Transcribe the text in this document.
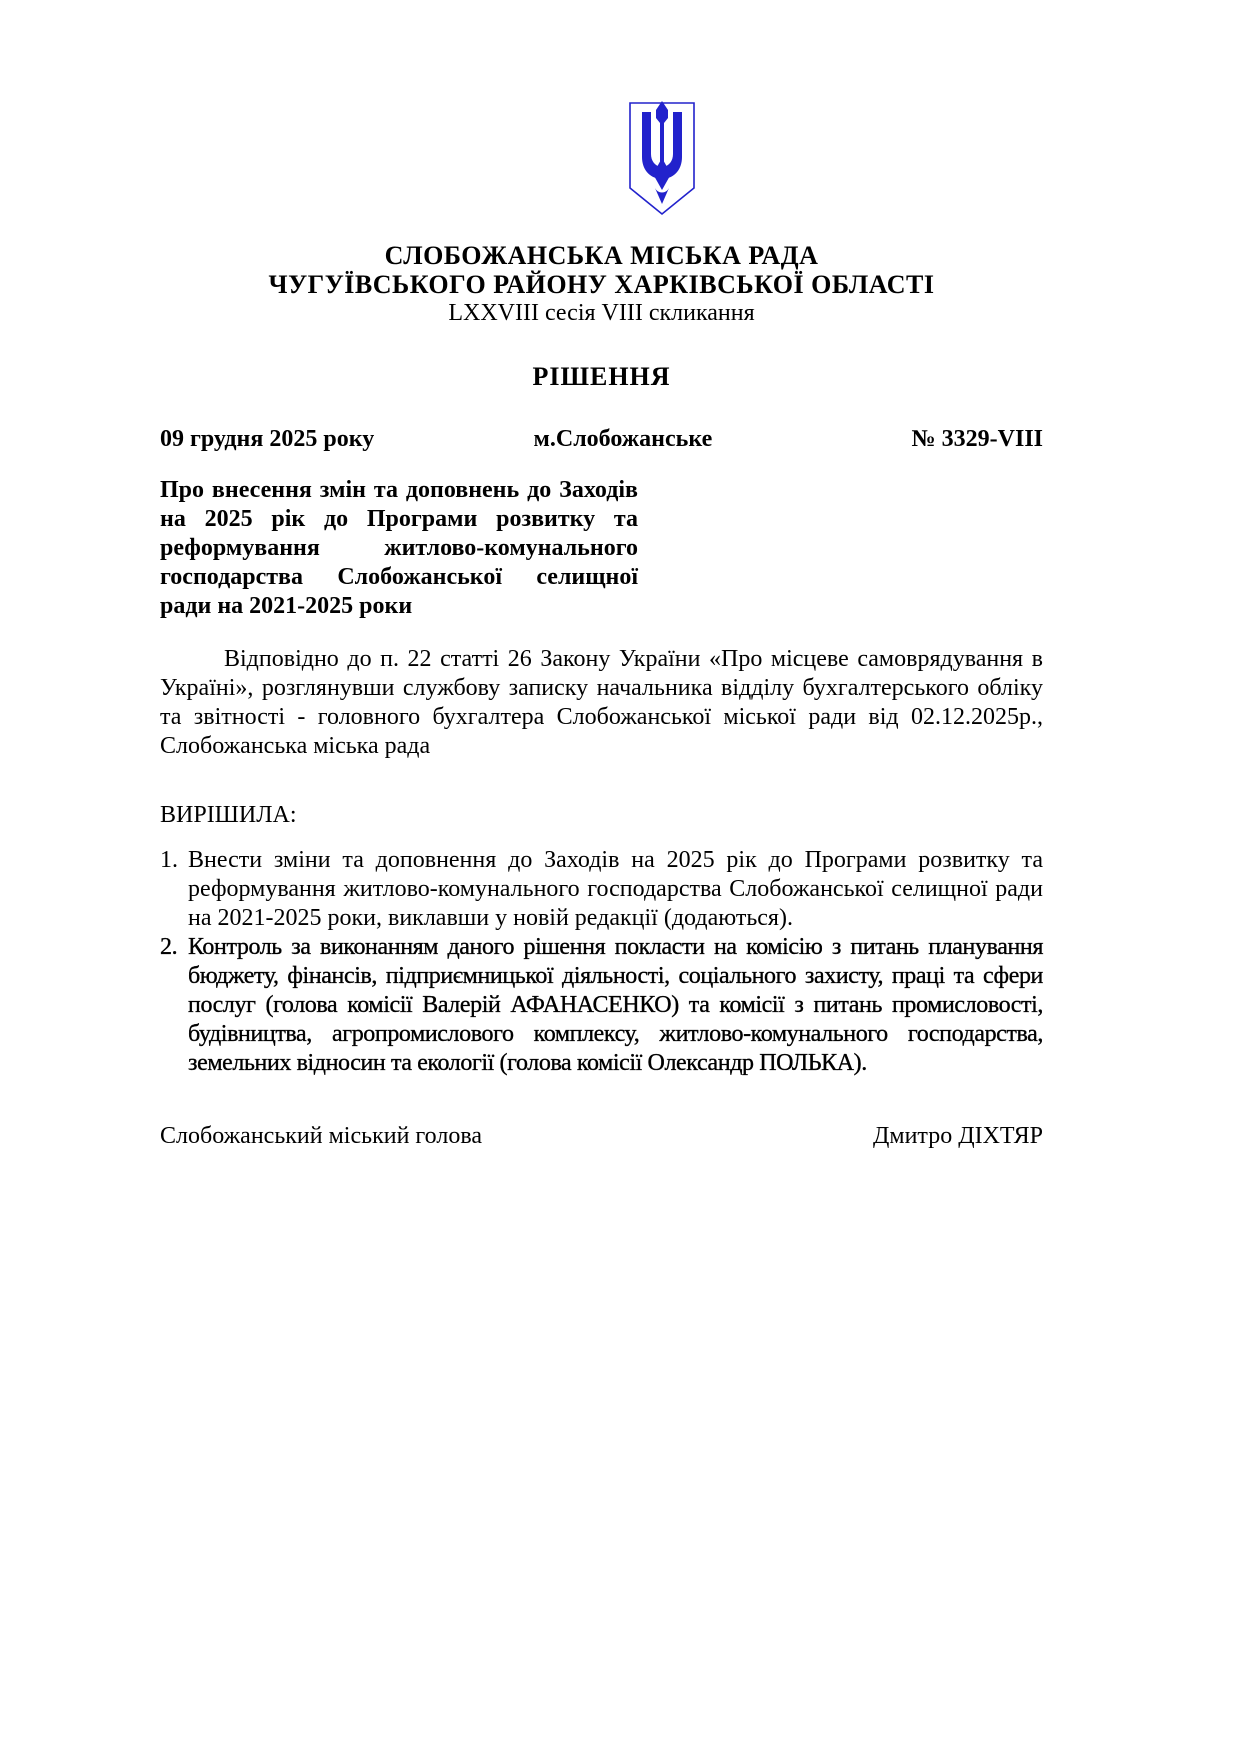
СЛОБОЖАНСЬКА МІСЬКА РАДА
ЧУГУЇВСЬКОГО РАЙОНУ ХАРКІВСЬКОЇ ОБЛАСТІ
LXXVIII сесія VIII скликання
РІШЕННЯ
09 грудня 2025 року	м.Слобожанське	№ 3329-VIII
Про внесення змін та доповнень до Заходів на 2025 рік до Програми розвитку та реформування житлово-комунального господарства Слобожанської селищної ради на 2021-2025 роки
Відповідно до п. 22 статті 26 Закону України «Про місцеве самоврядування в Україні», розглянувши службову записку начальника відділу бухгалтерського обліку та звітності - головного бухгалтера Слобожанської міської ради від 02.12.2025р., Слобожанська міська рада
ВИРІШИЛА:
1. Внести зміни та доповнення до Заходів на 2025 рік до Програми розвитку та реформування житлово-комунального господарства Слобожанської селищної ради на 2021-2025 роки, виклавши у новій редакції (додаються).
2. Контроль за виконанням даного рішення покласти на комісію з питань планування бюджету, фінансів, підприємницької діяльності, соціального захисту, праці та сфери послуг (голова комісії Валерій АФАНАСЕНКО) та комісії з питань промисловості, будівництва, агропромислового комплексу, житлово-комунального господарства, земельних відносин та екології (голова комісії Олександр ПОЛЬКА).
Слобожанський міський голова	Дмитро ДІХТЯР
